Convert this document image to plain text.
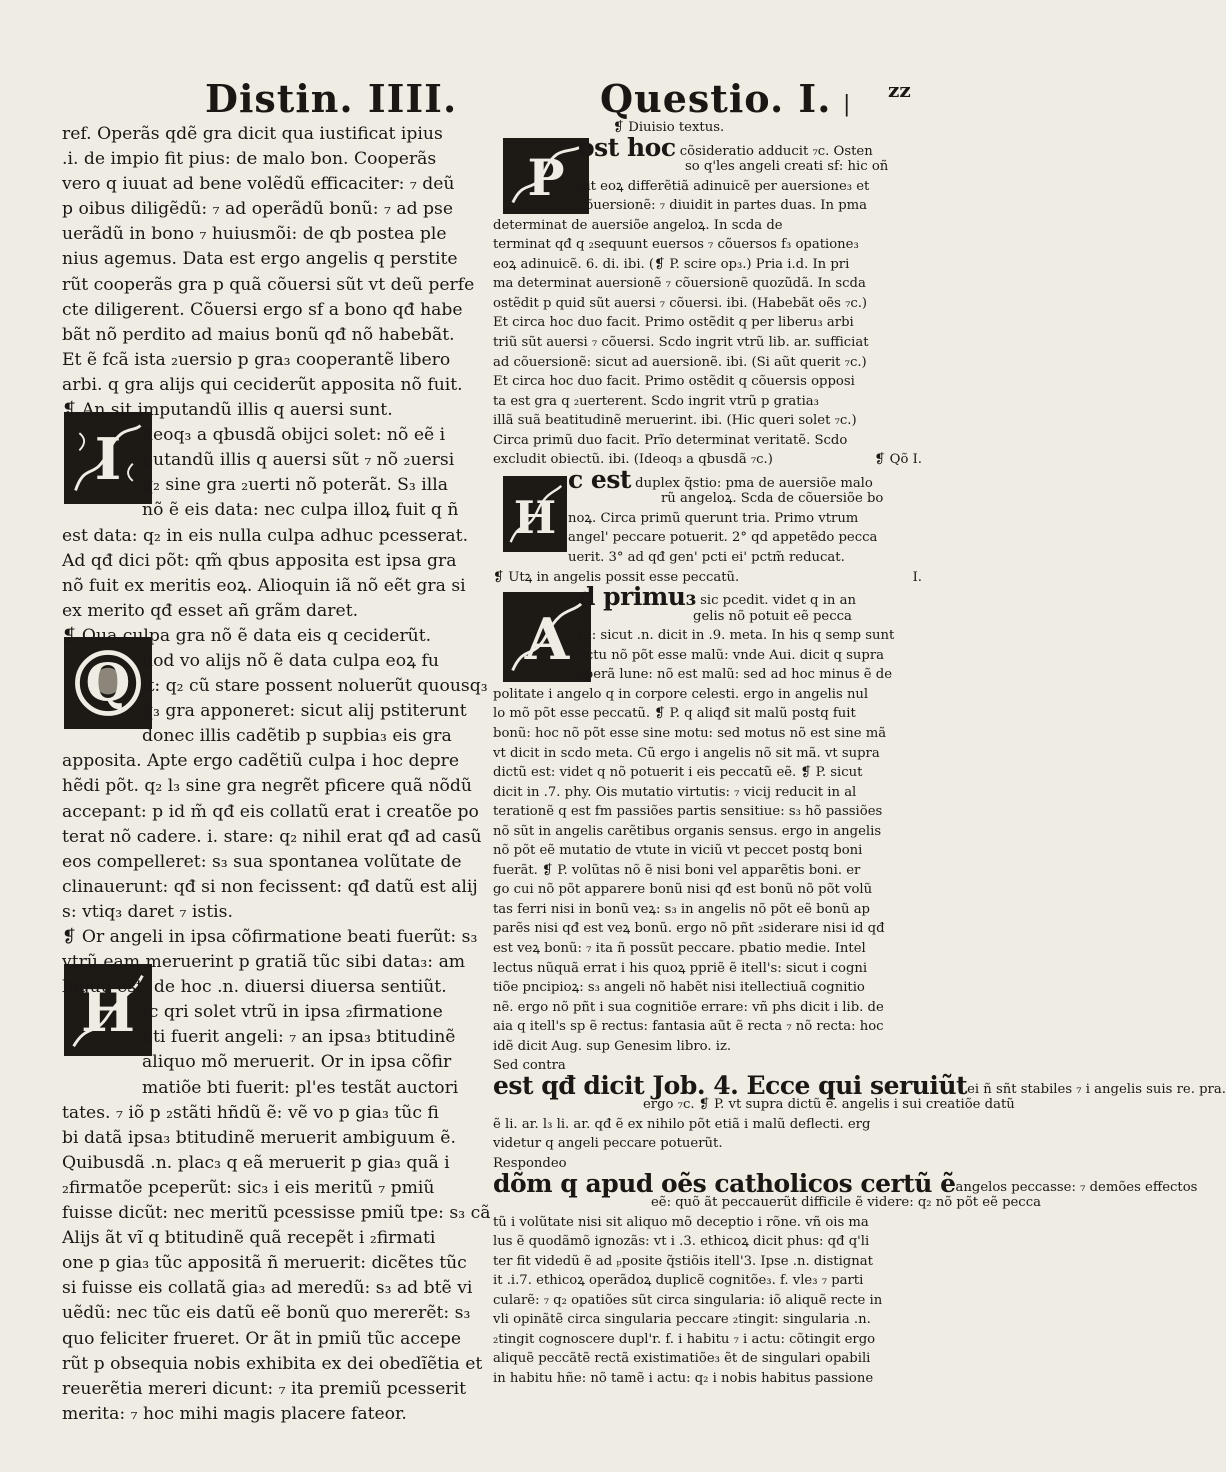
Distin. IIII.	Questio. I. |
zz
I
Q
H
P
H
A
ref. Operãs qdẽ gra dicit qua iustificat ipius
.i. de impio fit pius: de malo bon. Cooperãs
vero q iuuat ad bene volẽdũ efficaciter: ₇ deũ
p oibus diligẽdũ: ₇ ad operãdũ bonũ: ₇ ad pse
uerãdũ in bono ₇ huiusmõi: de qb postea ple
nius agemus. Data est ergo angelis q perstite
rũt cooperãs gra p quã cõuersi sũt vt deũ perfe
cte diligerent. Cõuersi ergo sf a bono qđ habe
bãt nõ perdito ad maius bonũ qđ nõ habebãt.
Et ẽ fcã ista ₂uersio p gra₃ cooperantẽ libero
arbi. q gra alijs qui ceciderũt apposita nõ fuit.
❡ An sit imputandũ illis q auersi sunt.
deoq₃ a qbusdã obijci solet: nõ eẽ i
putandũ illis q auersi sũt ₇ nõ ₂uersi
q₂ sine gra ₂uerti nõ poterãt. S₃ illa
nõ ẽ eis data: nec culpa illoꝝ fuit q ñ
est data: q₂ in eis nulla culpa adhuc pcesserat.
Ad qđ dici põt: qm̃ qbus apposita est ipsa gra
nõ fuit ex meritis eoꝝ. Alioquin iã nõ eẽt gra si
ex merito qđ esset añ grãm daret.
❡ Qua culpa gra nõ ẽ data eis q ceciderũt.
uod vo alijs nõ ẽ data culpa eoꝝ fu
it: q₂ cũ stare possent noluerũt quousq₃
q₃ gra apponeret: sicut alij pstiterunt
donec illis cadẽtib p supbia₃ eis gra
apposita. Apte ergo cadẽtiũ culpa i hoc depre
hẽdi põt. q₂ l₃ sine gra negrẽt pficere quã nõdũ
accepant: p id m̃ qđ eis collatũ erat i creatõe po
terat nõ cadere. i. stare: q₂ nihil erat qđ ad casũ
eos compelleret: s₃ sua spontanea volũtate de
clinauerunt: qđ si non fecissent: qđ datũ est alij
s: vtiq₃ daret ₇ istis.
❡ Or angeli in ipsa cõfirmatione beati fuerũt: s₃
vtrũ eam meruerint p gratiã tũc sibi data₃: am
biguũ est. de hoc .n. diuersi diuersa sentiũt.
Ic qri solet vtrũ in ipsa ₂firmatione
bti fuerit angeli: ₇ an ipsa₃ btitudinẽ
aliquo mõ meruerit. Or in ipsa cõfir
matiõe bti fuerit: pl'es testãt auctori
tates. ₇ iõ p ₂stãti hñdũ ẽ: vẽ vo p gia₃ tũc fi
bi datã ipsa₃ btitudinẽ meruerit ambiguum ẽ.
Quibusdã .n. plac₃ q eã meruerit p gia₃ quã i
₂firmatõe pceperũt: sic₃ i eis meritũ ₇ pmiũ
fuisse dicũt: nec meritũ pcessisse pmiũ tpe: s₃ cã
Alijs ãt vĩ q btitudinẽ quã recepẽt i ₂firmati
one p gia₃ tũc appositã ñ meruerit: dicẽtes tũc
si fuisse eis collatã gia₃ ad meredũ: s₃ ad btẽ vi
uẽdũ: nec tũc eis datũ eẽ bonũ quo mererẽt: s₃
quo feliciter frueret. Or ãt in pmiũ tũc accepe
rũt p obsequia nobis exhibita ex dei obedĩẽtia et
reuerẽtia mereri dicunt: ₇ ita premiũ pcesserit
merita: ₇ hoc mihi magis placere fateor.
❡ Diuisio textus.
ost hoc cõsideratio adducit ₇c. Osten
so q'les angeli creati sf: hic oñ
dit eoꝝ differẽtiã adinuicẽ per auersione₃ et
cõuersionẽ: ₇ diuidit in partes duas. In pma
determinat de auersiõe angeloꝝ. In scda de
terminat qđ q ₂sequunt euersos ₇ cõuersos f₃ opatione₃
eoꝝ adinuicẽ. 6. di. ibi. (❡ P. scire op₃.) Pria i.d. In pri
ma determinat auersionẽ ₇ cõuersionẽ quozũdã. In scda
ostẽdit p quid sũt auersi ₇ cõuersi. ibi. (Habebãt oẽs ₇c.)
Et circa hoc duo facit. Primo ostẽdit q per liberu₃ arbi
triũ sũt auersi ₇ cõuersi. Scdo ingrit vtrũ lib. ar. sufficiat
ad cõuersionẽ: sicut ad auersionẽ. ibi. (Si aũt querit ₇c.)
Et circa hoc duo facit. Primo ostẽdit q cõuersis opposi
ta est gra q ₂uerterent. Scdo ingrit vtrũ p gratia₃
illã suã beatitudinẽ meruerint. ibi. (Hic queri solet ₇c.)
Circa primũ duo facit. Prĩo determinat veritatẽ. Scdo
excludit obiectũ. ibi. (Ideoq₃ a qbusdã ₇c.)	❡ Qõ I.
c est duplex q̃stio: pma de auersiõe malo
rũ angeloꝝ. Scda de cõuersiõe bo
noꝝ. Circa primũ querunt tria. Primo vtrum
angel' peccare potuerit. 2° qd appetẽdo pecca
uerit. 3° ad qđ gen' pcti ei' pctm̃ reducat.
❡ Utꝝ in angelis possit esse peccatũ.	I.
d primu₃ sic pcedit. videt q in an
gelis nõ potuit eẽ pecca
tũ: sicut .n. dicit in .9. meta. In his q semp sunt
actu nõ põt esse malũ: vnde Aui. dicit q supra
sperã lune: nõ est malũ: sed ad hoc minus ẽ de
politate i angelo q in corpore celesti. ergo in angelis nul
lo mõ põt esse peccatũ. ❡ P. q aliqđ sit malũ postq fuit
bonũ: hoc nõ põt esse sine motu: sed motus nõ est sine mã
vt dicit in scdo meta. Cũ ergo i angelis nõ sit mã. vt supra
dictũ est: videt q nõ potuerit i eis peccatũ eẽ. ❡ P. sicut
dicit in .7. phy. Ois mutatio virtutis: ₇ vicij reducit in al
terationẽ q est fm passiões partis sensitiue: s₃ hõ passiões
nõ sũt in angelis carẽtibus organis sensus. ergo in angelis
nõ põt eẽ mutatio de vtute in viciũ vt peccet postq boni
fuerãt. ❡ P. volũtas nõ ẽ nisi boni vel apparẽtis boni. er
go cui nõ põt apparere bonũ nisi qđ est bonũ nõ põt volũ
tas ferri nisi in bonũ veꝝ: s₃ in angelis nõ põt eẽ bonũ ap
parẽs nisi qđ est veꝝ bonũ. ergo nõ pñt ₂siderare nisi id qđ
est veꝝ bonũ: ₇ ita ñ possũt peccare. pbatio medie. Intel
lectus nũquã errat i his quoꝝ ppriẽ ẽ itell's: sicut i cogni
tiõe pncipioꝝ: s₃ angeli nõ habẽt nisi itellectiuã cognitio
nẽ. ergo nõ pñt i sua cognitiõe errare: vñ phs dicit i lib. de
aia q itell's sp ẽ rectus: fantasia aũt ẽ recta ₇ nõ recta: hoc
idẽ dicit Aug. sup Genesim libro. iz.
Sed contra
est qđ dicit Job. 4. Ecce qui seruiũtei ñ sñt stabiles ₇ i angelis suis re. pra.
ergo ₇c. ❡ P. vt supra dictũ ẽ. angelis i sui creatiõe datũ
ẽ li. ar. l₃ li. ar. qđ ẽ ex nihilo põt etiã i malũ deflecti. erg
videtur q angeli peccare potuerũt.
Respondeo
dõm q apud oẽs catholicos certũ ẽangelos peccasse: ₇ demões effectos
eẽ: quõ ãt peccauerũt difficile ẽ videre: q₂ nõ põt eẽ pecca
tũ i volũtate nisi sit aliquo mõ deceptio i rõne. vñ ois ma
lus ẽ quodãmõ ignozãs: vt i .3. ethicoꝝ dicit phus: qđ q'li
ter fit videdũ ẽ ad ₚposite q̃stiõis itell'3. Ipse .n. distignat
it .i.7. ethicoꝝ operãdoꝝ duplicẽ cognitõe₃. f. vle₃ ₇ parti
cularẽ: ₇ q₂ opatiões sũt circa singularia: iõ aliquẽ recte in
vli opinãtẽ circa singularia peccare ₂tingit: singularia .n.
₂tingit cognoscere dupl'r. f. i habitu ₇ i actu: cõtingit ergo
aliquẽ peccãtẽ rectã existimatiõe₃ ẽt de singulari opabili
in habitu hñe: nõ tamẽ i actu: q₂ i nobis habitus passione
